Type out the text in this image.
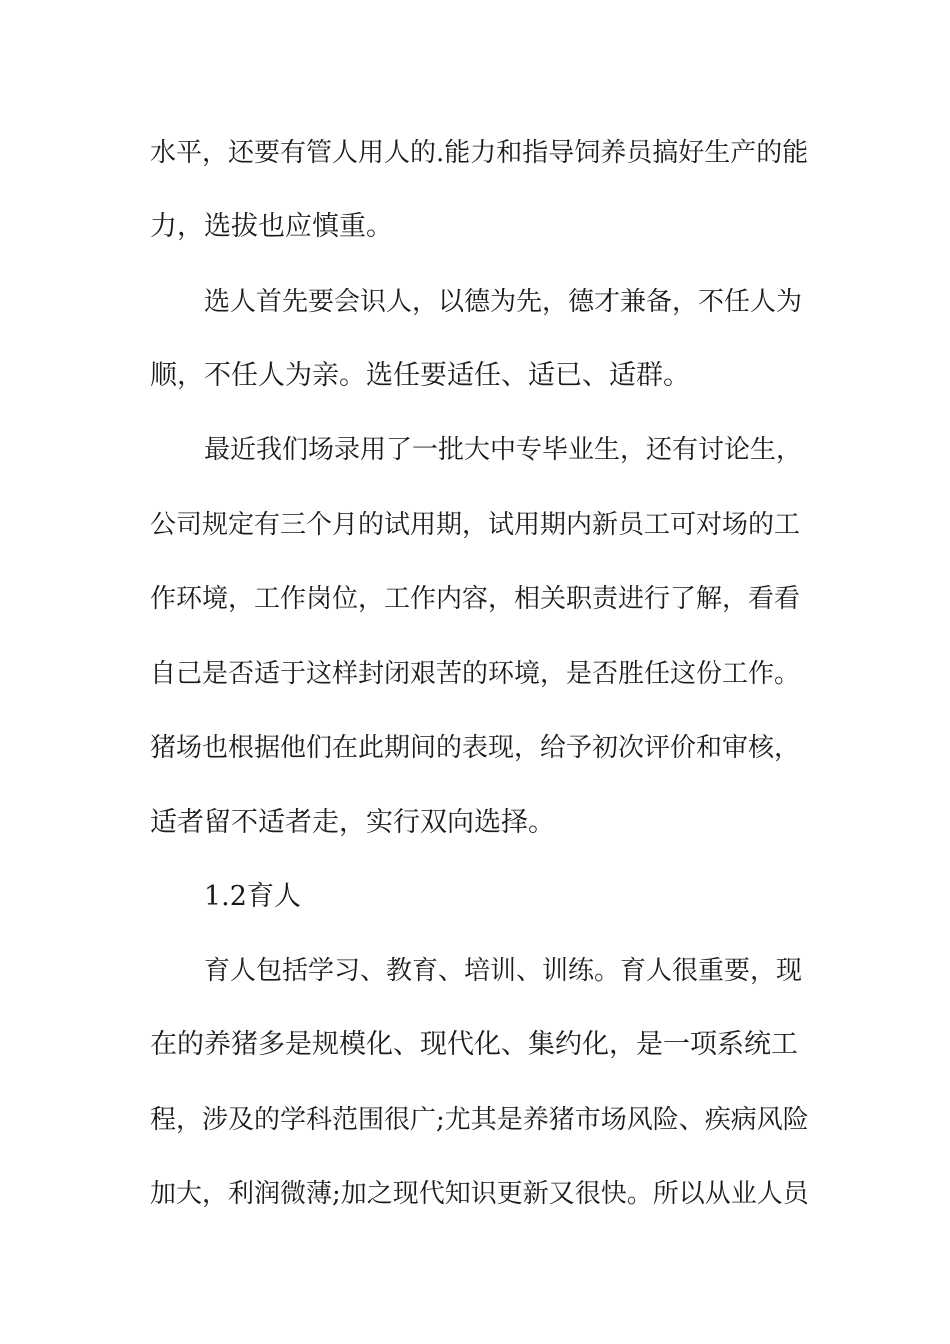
水平，还要有管人用人的.能力和指导饲养员搞好生产的能
力，选拔也应慎重。
选人首先要会识人，以德为先，德才兼备，不任人为
顺，不任人为亲。选任要适任、适已、适群。
最近我们场录用了一批大中专毕业生，还有讨论生，
公司规定有三个月的试用期，试用期内新员工可对场的工
作环境，工作岗位，工作内容，相关职责进行了解，看看
自己是否适于这样封闭艰苦的环境，是否胜任这份工作。
猪场也根据他们在此期间的表现，给予初次评价和审核，
适者留不适者走，实行双向选择。
1.2育人
育人包括学习、教育、培训、训练。育人很重要，现
在的养猪多是规模化、现代化、集约化，是一项系统工
程，涉及的学科范围很广;尤其是养猪市场风险、疾病风险
加大，利润微薄;加之现代知识更新又很快。所以从业人员
